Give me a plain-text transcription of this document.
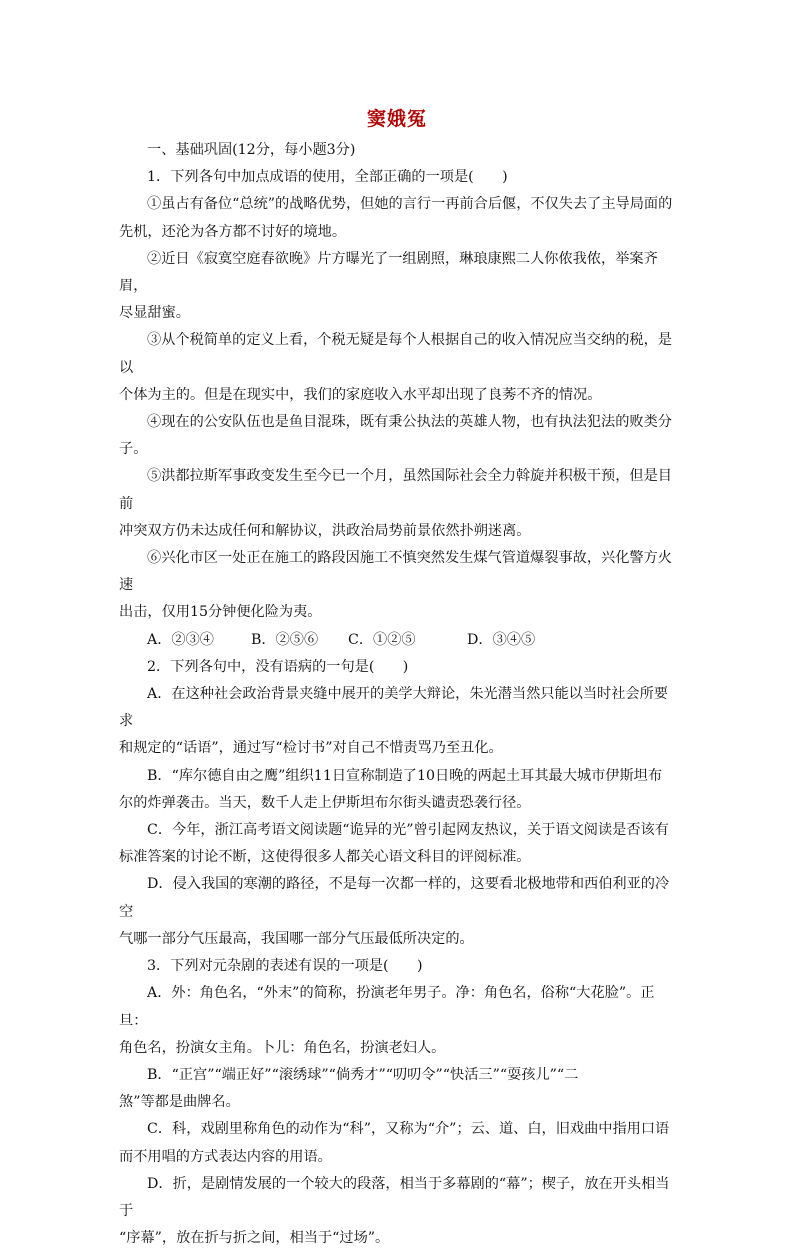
窦娥冤

一、基础巩固(12分，每小题3分)

1．下列各句中加点成语的使用，全部正确的一项是(　　)

①虽占有备位“总统”的战略优势，但她的言行一再前合后偃，不仅失去了主导局面的

先机，还沦为各方都不讨好的境地。

②近日《寂寞空庭春欲晚》片方曝光了一组剧照，琳琅康熙二人你侬我侬，举案齐眉，

尽显甜蜜。

③从个税简单的定义上看，个税无疑是每个人根据自己的收入情况应当交纳的税，是以

个体为主的。但是在现实中，我们的家庭收入水平却出现了良莠不齐的情况。

④现在的公安队伍也是鱼目混珠，既有秉公执法的英雄人物，也有执法犯法的败类分子。

⑤洪都拉斯军事政变发生至今已一个月，虽然国际社会全力斡旋并积极干预，但是目前

冲突双方仍未达成任何和解协议，洪政治局势前景依然扑朔迷离。

⑥兴化市区一处正在施工的路段因施工不慎突然发生煤气管道爆裂事故，兴化警方火速

出击，仅用15分钟便化险为夷。

A．②③④	B．②⑤⑥ C．①②⑤	D．③④⑤

2．下列各句中，没有语病的一句是(　　)

A．在这种社会政治背景夹缝中展开的美学大辩论，朱光潜当然只能以当时社会所要求

和规定的“话语”，通过写“检讨书”对自己不惜责骂乃至丑化。

B．“库尔德自由之鹰”组织11日宣称制造了10日晚的两起土耳其最大城市伊斯坦布

尔的炸弹袭击。当天，数千人走上伊斯坦布尔街头谴责恐袭行径。

C．今年，浙江高考语文阅读题“诡异的光”曾引起网友热议，关于语文阅读是否该有

标准答案的讨论不断，这使得很多人都关心语文科目的评阅标准。

D．侵入我国的寒潮的路径，不是每一次都一样的，这要看北极地带和西伯利亚的冷空

气哪一部分气压最高，我国哪一部分气压最低所决定的。

3．下列对元杂剧的表述有误的一项是(　　)

A．外：角色名，“外末”的简称，扮演老年男子。净：角色名，俗称“大花脸”。正旦：

角色名，扮演女主角。卜儿：角色名，扮演老妇人。

B．“正宫”“端正好”“滚绣球”“倘秀才”“叨叨令”“快活三”“耍孩儿”“二

煞”等都是曲牌名。

C．科，戏剧里称角色的动作为“科”，又称为“介”；云、道、白，旧戏曲中指用口语

而不用唱的方式表达内容的用语。

D．折，是剧情发展的一个较大的段落，相当于多幕剧的“幕”；楔子，放在开头相当于

“序幕”，放在折与折之间，相当于“过场”。
